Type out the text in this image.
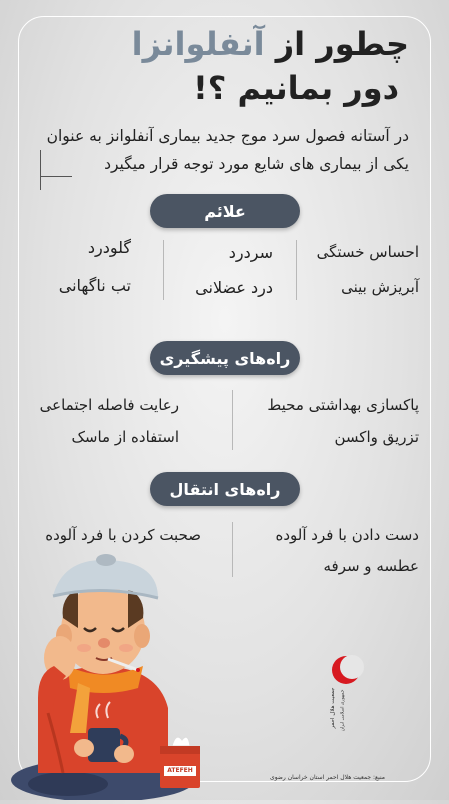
چطور از آنفلوانزا
دور بمانیم ؟!
در آستانه فصول سرد موج جدید بیماری آنفلوانز به عنوان یکی از بیماری های شایع مورد توجه قرار میگیرد
علائم
احساس خستگی
آبریزش بینی
سردرد
درد عضلانی
گلودرد
تب ناگهانی
راه‌های پیشگیری
پاکسازی بهداشتی محیط
تزریق واکسن
رعایت فاصله اجتماعی
استفاده از ماسک
راه‌های انتقال
دست دادن با فرد آلوده
عطسه و سرفه
صحبت کردن با فرد آلوده
جمعیت هلال احمر جمهوری اسلامی ایران
منبع: جمعیت هلال احمر استان خراسان رضوی
ATEFEH
